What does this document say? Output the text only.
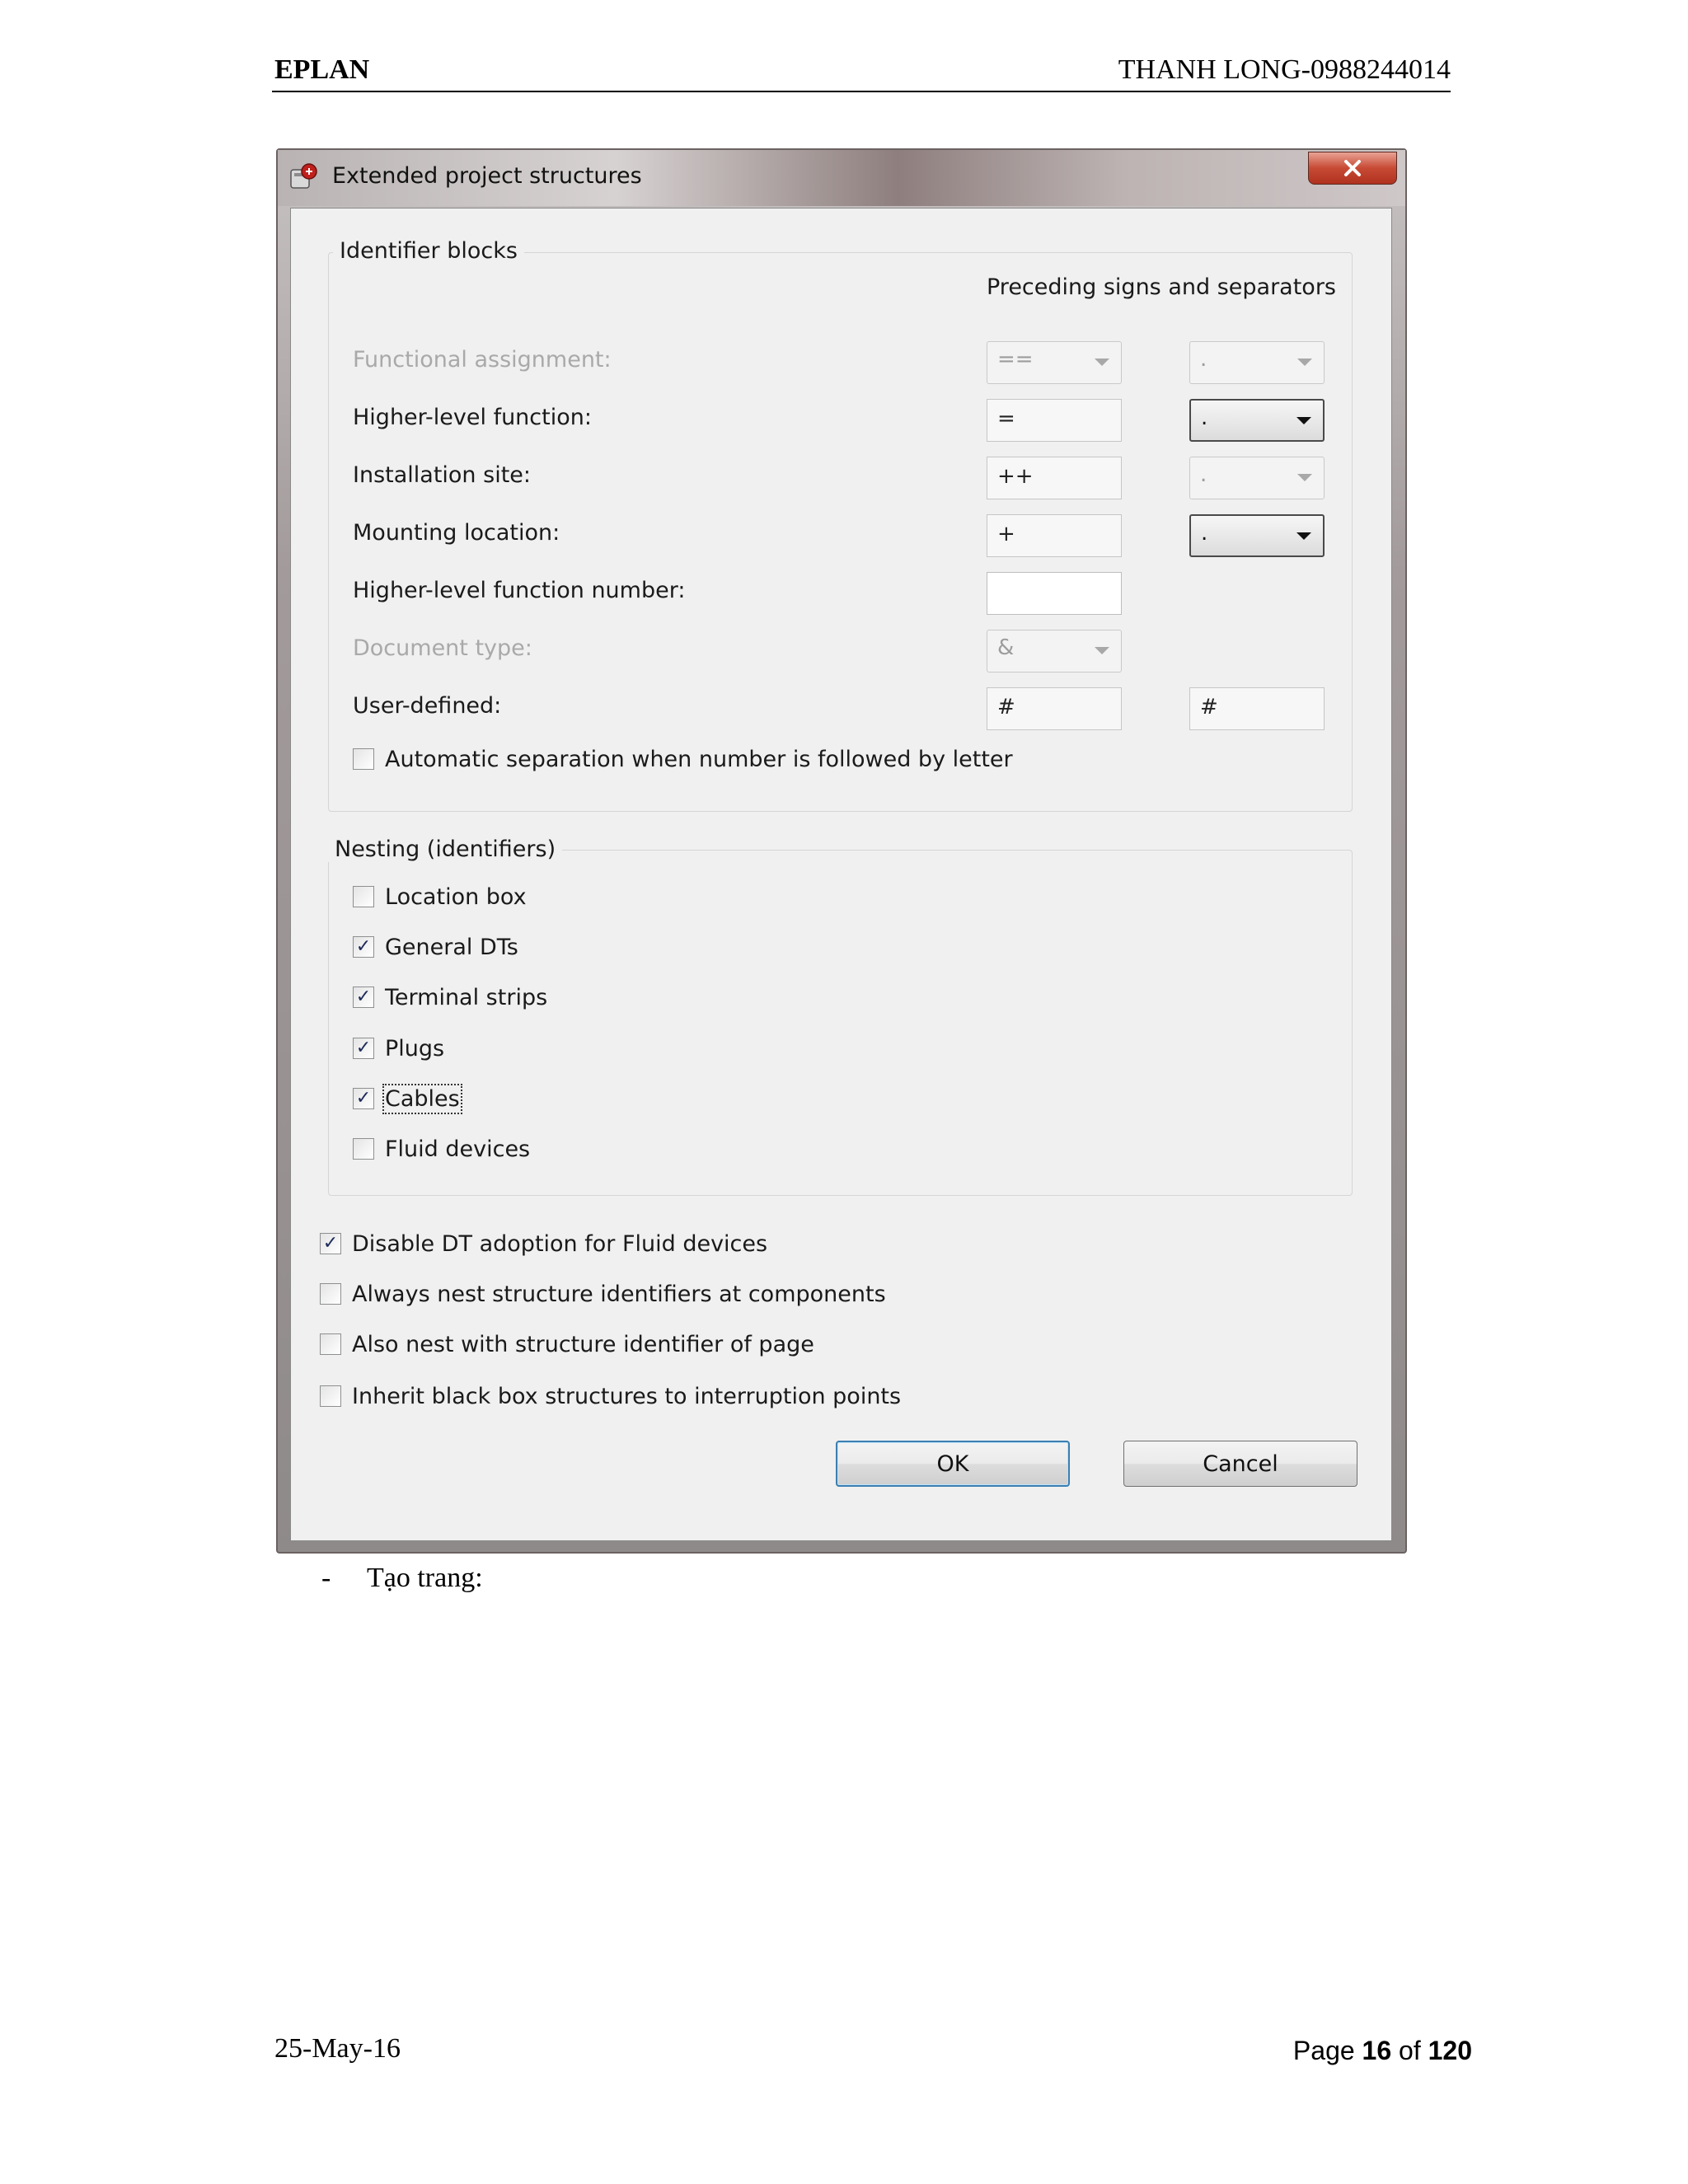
EPLAN	THANH LONG-0988244014
Extended project structures
Identifier blocks
Preceding signs and separators
Functional assignment:	==	.
Higher-level function:	=	.
Installation site:	++	.
Mounting location:	+	.
Higher-level function number:
Document type:	&
User-defined:	#	#
Automatic separation when number is followed by letter
Nesting (identifiers)
Location box
✓ General DTs
✓ Terminal strips
✓ Plugs
✓ Cables
Fluid devices
✓ Disable DT adoption for Fluid devices
Always nest structure identifiers at components
Also nest with structure identifier of page
Inherit black box structures to interruption points
OK	Cancel
- Tạo trang:
25-May-16	Page 16 of 120
